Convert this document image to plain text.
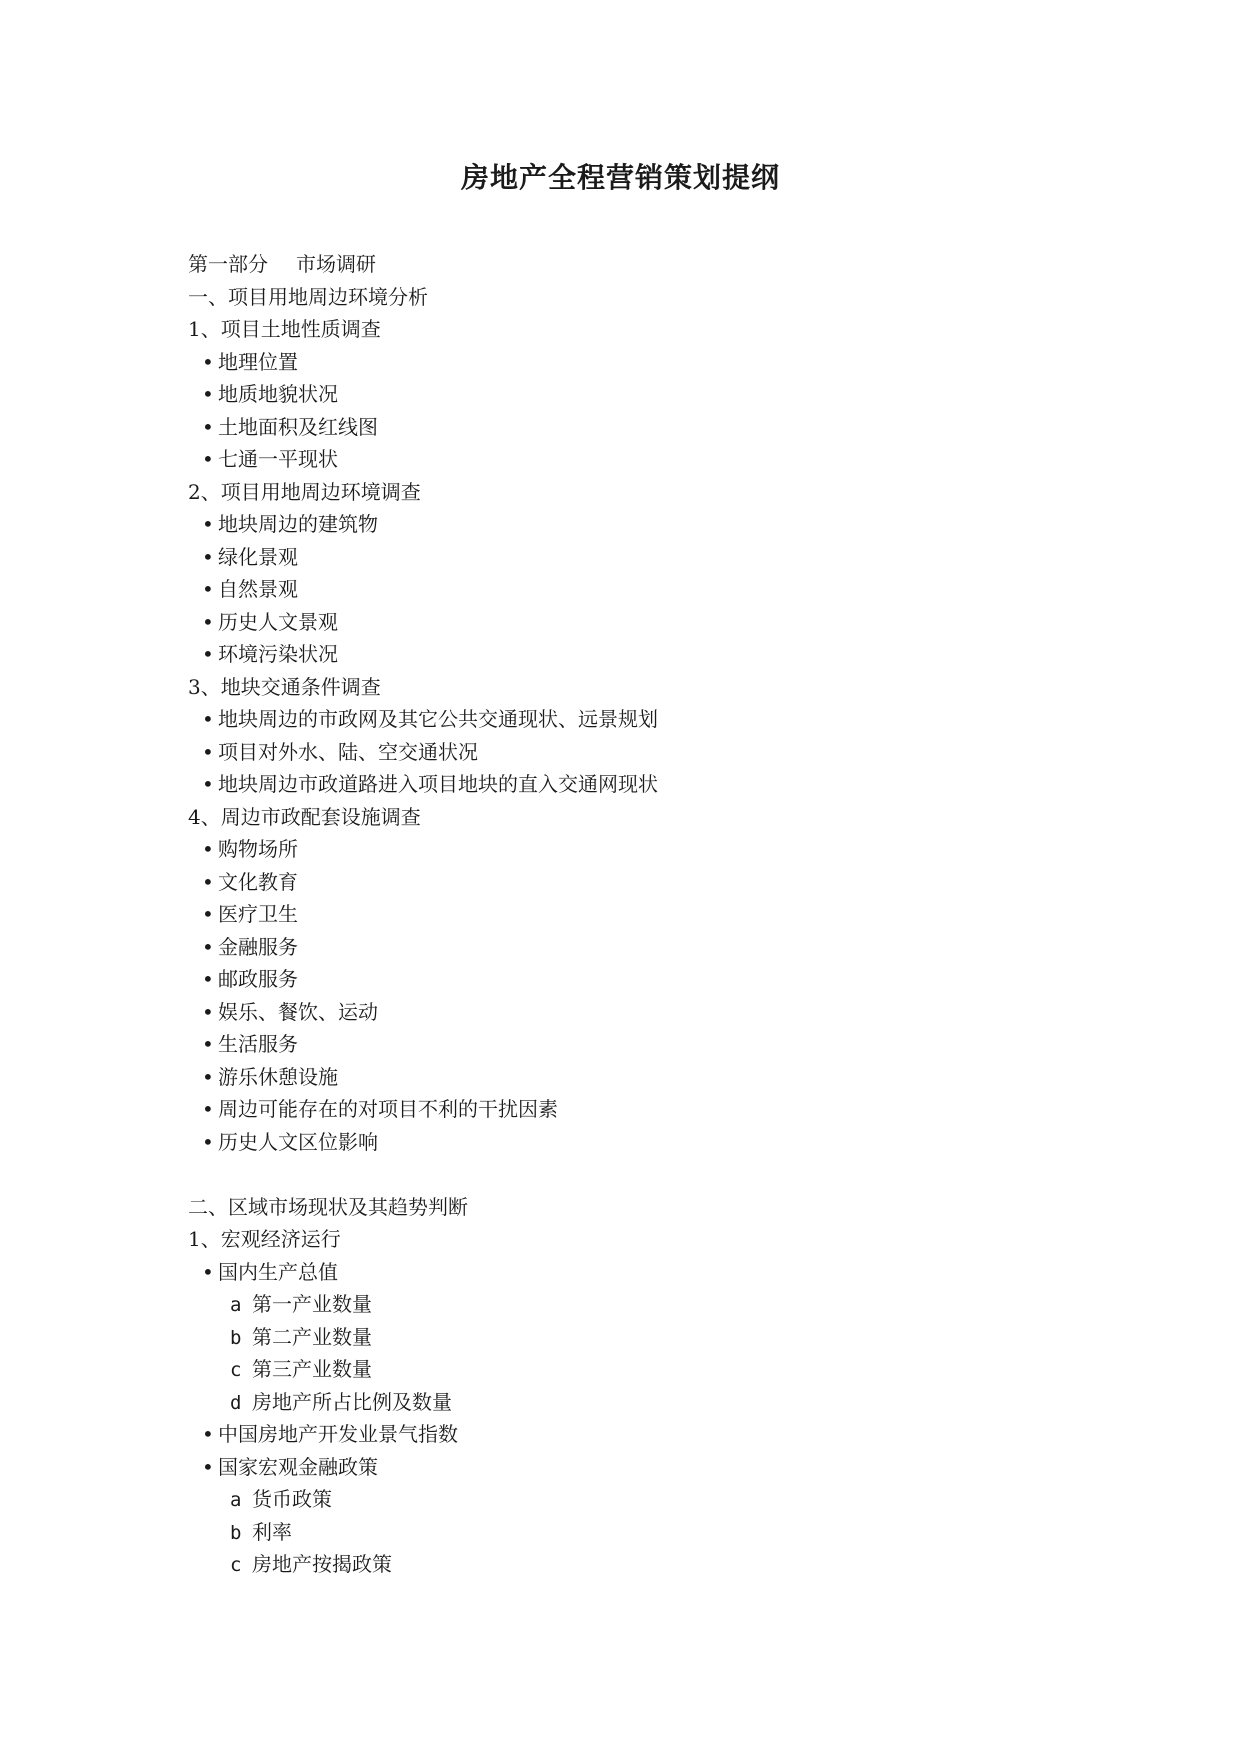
房地产全程营销策划提纲
第一部分 市场调研
一、项目用地周边环境分析
1、项目土地性质调查
• 地理位置
• 地质地貌状况
• 土地面积及红线图
• 七通一平现状
2、项目用地周边环境调查
• 地块周边的建筑物
• 绿化景观
• 自然景观
• 历史人文景观
• 环境污染状况
3、地块交通条件调查
• 地块周边的市政网及其它公共交通现状、远景规划
• 项目对外水、陆、空交通状况
• 地块周边市政道路进入项目地块的直入交通网现状
4、周边市政配套设施调查
• 购物场所
• 文化教育
• 医疗卫生
• 金融服务
• 邮政服务
• 娱乐、餐饮、运动
• 生活服务
• 游乐休憩设施
• 周边可能存在的对项目不利的干扰因素
• 历史人文区位影响
二、区域市场现状及其趋势判断
1、宏观经济运行
• 国内生产总值
a 第一产业数量
b 第二产业数量
c 第三产业数量
d 房地产所占比例及数量
• 中国房地产开发业景气指数
• 国家宏观金融政策
a 货币政策
b 利率
c 房地产按揭政策
